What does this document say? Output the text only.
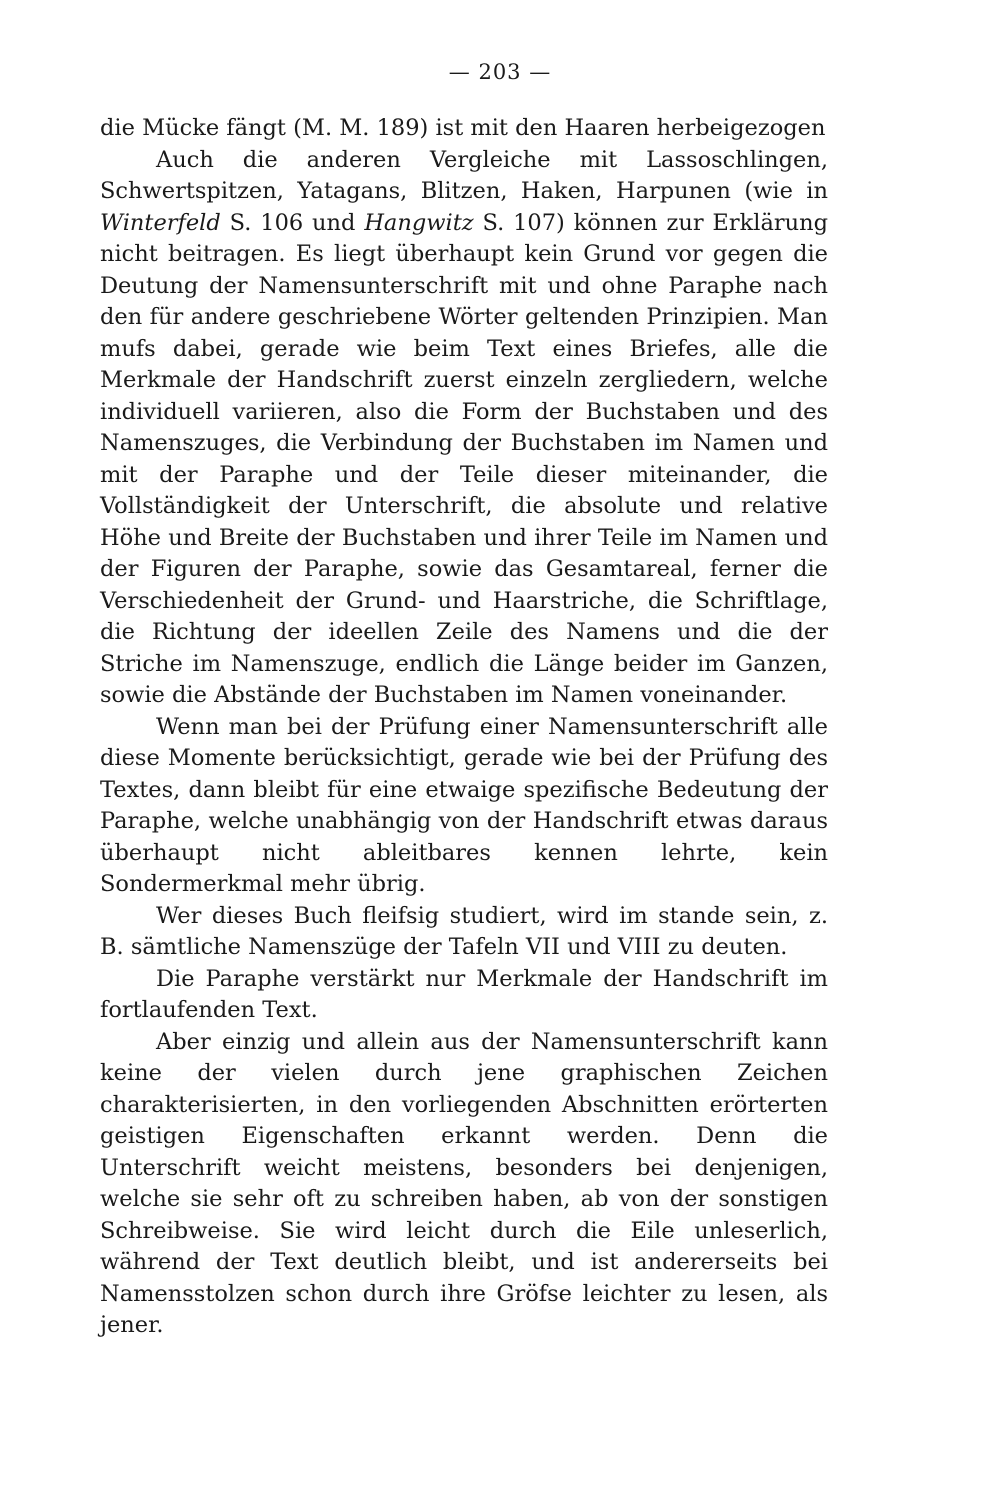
— 203 —

die Mücke fängt (M. M. 189) ist mit den Haaren herbeigezogen

Auch die anderen Vergleiche mit Lassoschlingen, Schwertspitzen, Yatagans, Blitzen, Haken, Harpunen (wie in Winterfeld S. 106 und Hangwitz S. 107) können zur Erklärung nicht beitragen. Es liegt überhaupt kein Grund vor gegen die Deutung der Namensunterschrift mit und ohne Paraphe nach den für andere geschriebene Wörter geltenden Prinzipien. Man mufs dabei, gerade wie beim Text eines Briefes, alle die Merkmale der Handschrift zuerst einzeln zergliedern, welche individuell variieren, also die Form der Buchstaben und des Namenszuges, die Verbindung der Buchstaben im Namen und mit der Paraphe und der Teile dieser miteinander, die Vollständigkeit der Unterschrift, die absolute und relative Höhe und Breite der Buchstaben und ihrer Teile im Namen und der Figuren der Paraphe, sowie das Gesamtareal, ferner die Verschiedenheit der Grund- und Haarstriche, die Schriftlage, die Richtung der ideellen Zeile des Namens und die der Striche im Namenszuge, endlich die Länge beider im Ganzen, sowie die Abstände der Buchstaben im Namen voneinander.

Wenn man bei der Prüfung einer Namensunterschrift alle diese Momente berücksichtigt, gerade wie bei der Prüfung des Textes, dann bleibt für eine etwaige spezifische Bedeutung der Paraphe, welche unabhängig von der Handschrift etwas daraus überhaupt nicht ableitbares kennen lehrte, kein Sondermerkmal mehr übrig.

Wer dieses Buch fleifsig studiert, wird im stande sein, z. B. sämtliche Namenszüge der Tafeln VII und VIII zu deuten.

Die Paraphe verstärkt nur Merkmale der Handschrift im fortlaufenden Text.

Aber einzig und allein aus der Namensunterschrift kann keine der vielen durch jene graphischen Zeichen charakterisierten, in den vorliegenden Abschnitten erörterten geistigen Eigenschaften erkannt werden. Denn die Unterschrift weicht meistens, besonders bei denjenigen, welche sie sehr oft zu schreiben haben, ab von der sonstigen Schreibweise. Sie wird leicht durch die Eile unleserlich, während der Text deutlich bleibt, und ist andererseits bei Namensstolzen schon durch ihre Gröfse leichter zu lesen, als jener.
